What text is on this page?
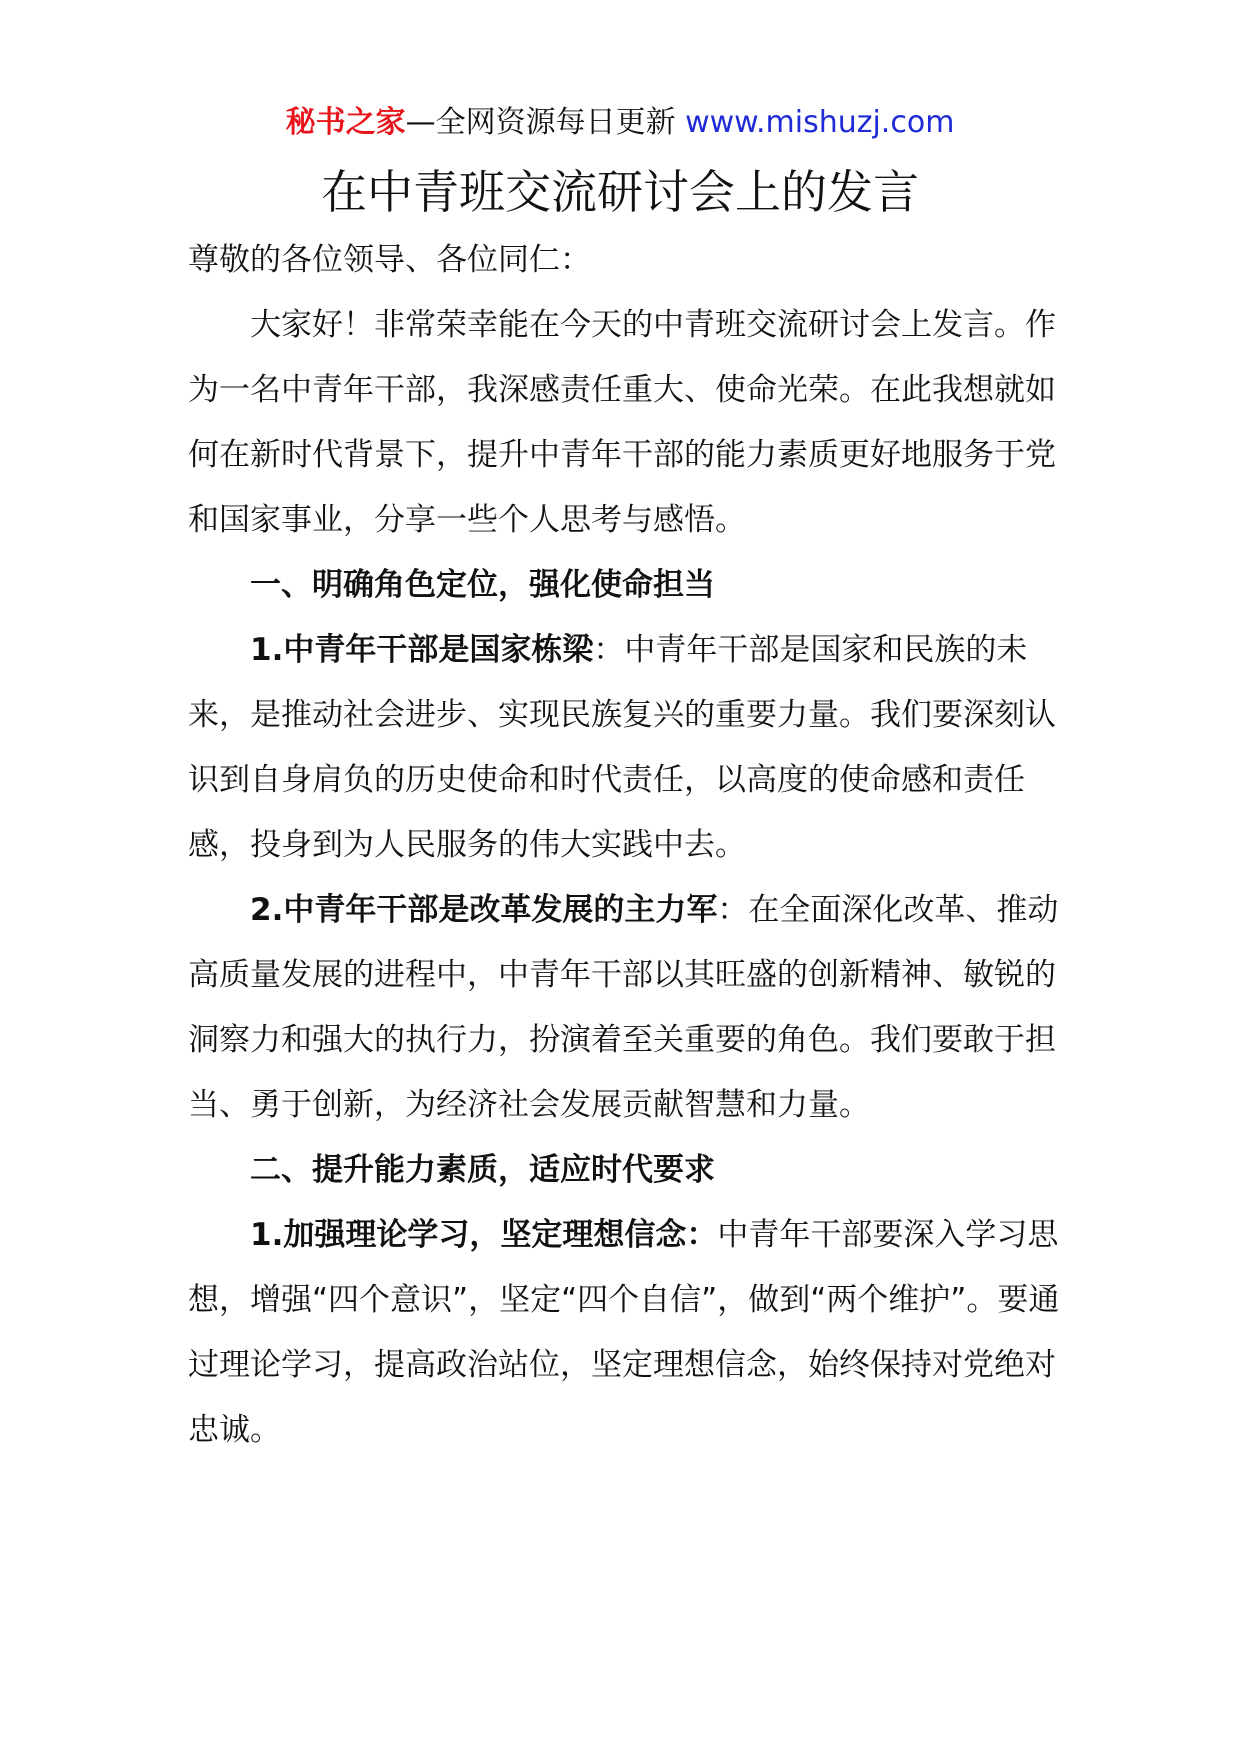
秘书之家—全网资源每日更新 www.mishuzj.com
在中青班交流研讨会上的发言

尊敬的各位领导、各位同仁：

大家好！非常荣幸能在今天的中青班交流研讨会上发言。作为一名中青年干部，我深感责任重大、使命光荣。在此我想就如何在新时代背景下，提升中青年干部的能力素质更好地服务于党和国家事业，分享一些个人思考与感悟。

一、明确角色定位，强化使命担当

1.中青年干部是国家栋梁：中青年干部是国家和民族的未来，是推动社会进步、实现民族复兴的重要力量。我们要深刻认识到自身肩负的历史使命和时代责任，以高度的使命感和责任感，投身到为人民服务的伟大实践中去。

2.中青年干部是改革发展的主力军：在全面深化改革、推动高质量发展的进程中，中青年干部以其旺盛的创新精神、敏锐的洞察力和强大的执行力，扮演着至关重要的角色。我们要敢于担当、勇于创新，为经济社会发展贡献智慧和力量。

二、提升能力素质，适应时代要求

1.加强理论学习，坚定理想信念：中青年干部要深入学习思想，增强“四个意识”，坚定“四个自信”，做到“两个维护”。要通过理论学习，提高政治站位，坚定理想信念，始终保持对党绝对忠诚。
